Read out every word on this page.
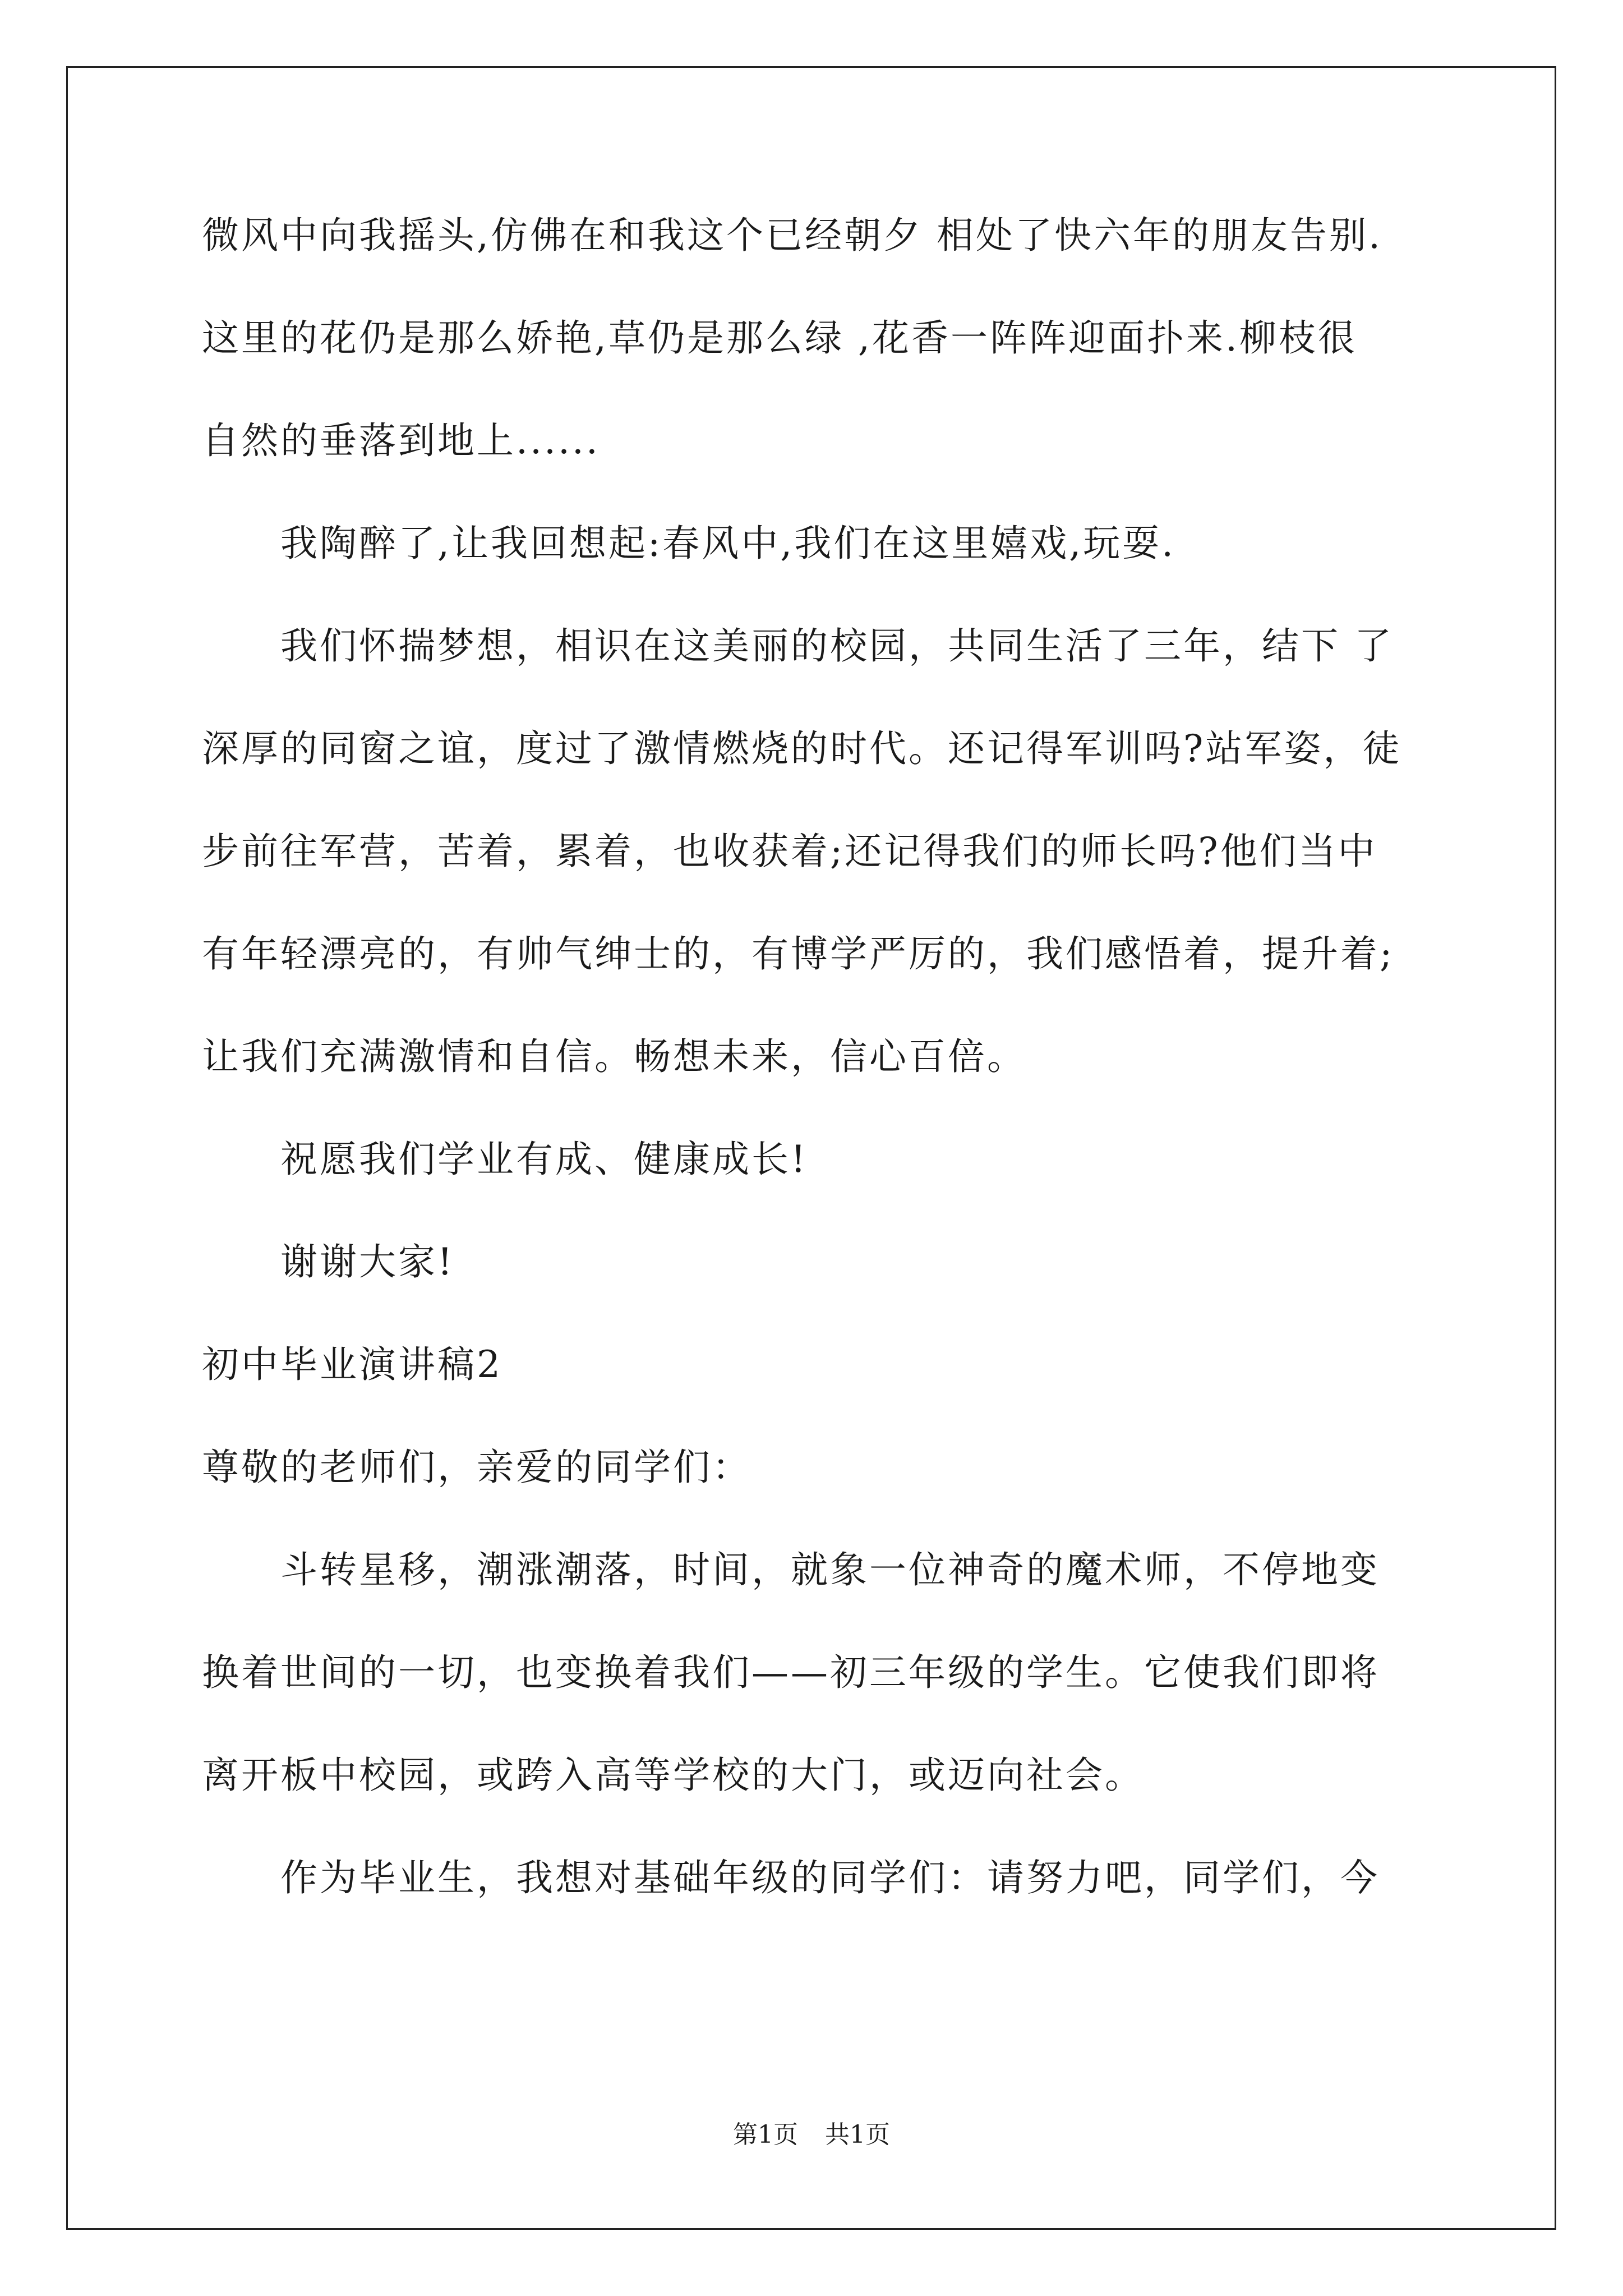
微风中向我摇头,仿佛在和我这个已经朝夕 相处了快六年的朋友告别.
这里的花仍是那么娇艳,草仍是那么绿 ,花香一阵阵迎面扑来.柳枝很
自然的垂落到地上......
我陶醉了,让我回想起:春风中,我们在这里嬉戏,玩耍.
我们怀揣梦想，相识在这美丽的校园，共同生活了三年，结下 了
深厚的同窗之谊，度过了激情燃烧的时代。还记得军训吗?站军姿，徒
步前往军营，苦着，累着，也收获着;还记得我们的师长吗?他们当中
有年轻漂亮的，有帅气绅士的，有博学严厉的，我们感悟着，提升着;
让我们充满激情和自信。畅想未来，信心百倍。
祝愿我们学业有成、健康成长!
谢谢大家!
初中毕业演讲稿2
尊敬的老师们，亲爱的同学们：
斗转星移，潮涨潮落，时间，就象一位神奇的魔术师，不停地变
换着世间的一切，也变换着我们——初三年级的学生。它使我们即将
离开板中校园，或跨入高等学校的大门，或迈向社会。
作为毕业生，我想对基础年级的同学们：请努力吧，同学们，今
第1页 共1页
